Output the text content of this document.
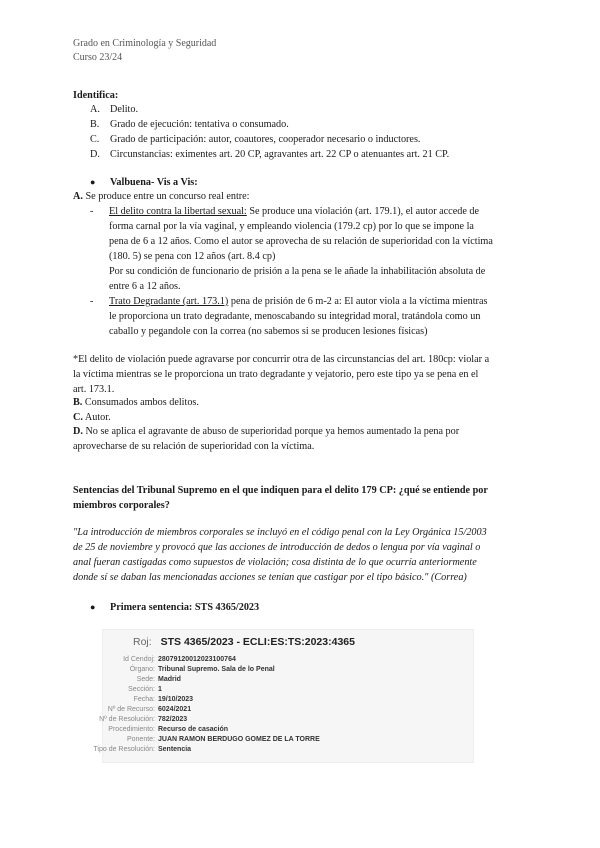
Grado en Criminología y Seguridad
Curso 23/24
Identifica:
A. Delito.
B.	Grado de ejecución: tentativa o consumado.
C.	Grado de participación: autor, coautores, cooperador necesario o inductores.
D. Circunstancias: eximentes art. 20 CP, agravantes art. 22 CP o atenuantes art. 21 CP.
● Valbuena- Vis a Vis:
A. Se produce entre un concurso real entre:
- El delito contra la libertad sexual: Se produce una violación (art. 179.1), el autor accede de
forma carnal por la vía vaginal, y empleando violencia (179.2 cp) por lo que se impone la
pena de 6 a 12 años. Como el autor se aprovecha de su relación de superioridad con la víctima
(180. 5) se pena con 12 años (art. 8.4 cp)
Por su condición de funcionario de prisión a la pena se le añade la inhabilitación absoluta de
entre 6 a 12 años.
- Trato Degradante (art. 173.1) pena de prisión de 6 m-2 a: El autor viola a la víctima mientras
le proporciona un trato degradante, menoscabando su integridad moral, tratándola como un
caballo y pegandole con la correa (no sabemos si se producen lesiones físicas)
*El delito de violación puede agravarse por concurrir otra de las circunstancias del art. 180cp: violar a
la víctima mientras se le proporciona un trato degradante y vejatorio, pero este tipo ya se pena en el
art. 173.1.
B. Consumados ambos delitos.
C. Autor.
D. No se aplica el agravante de abuso de superioridad porque ya hemos aumentado la pena por
aprovecharse de su relación de superioridad con la víctima.
Sentencias del Tribunal Supremo en el que indiquen para el delito 179 CP: ¿qué se entiende por
miembros corporales?
"La introducción de miembros corporales se incluyó en el código penal con la Ley Orgánica 15/2003
de 25 de noviembre y provocó que las acciones de introducción de dedos o lengua por vía vaginal o
anal fueran castigadas como supuestos de violación; cosa distinta de lo que ocurría anteriormente
donde sí se daban las mencionadas acciones se tenían que castigar por el tipo básico." (Correa)
● Primera sentencia: STS 4365/2023
Roj: STS 4365/2023 - ECLI:ES:TS:2023:4365
Id Cendoj: 28079120012023100764
Órgano: Tribunal Supremo. Sala de lo Penal
Sede: Madrid
Sección: 1
Fecha: 19/10/2023
Nº de Recurso: 6024/2021
Nº de Resolución: 782/2023
Procedimiento: Recurso de casación
Ponente: JUAN RAMON BERDUGO GOMEZ DE LA TORRE
Tipo de Resolución: Sentencia
